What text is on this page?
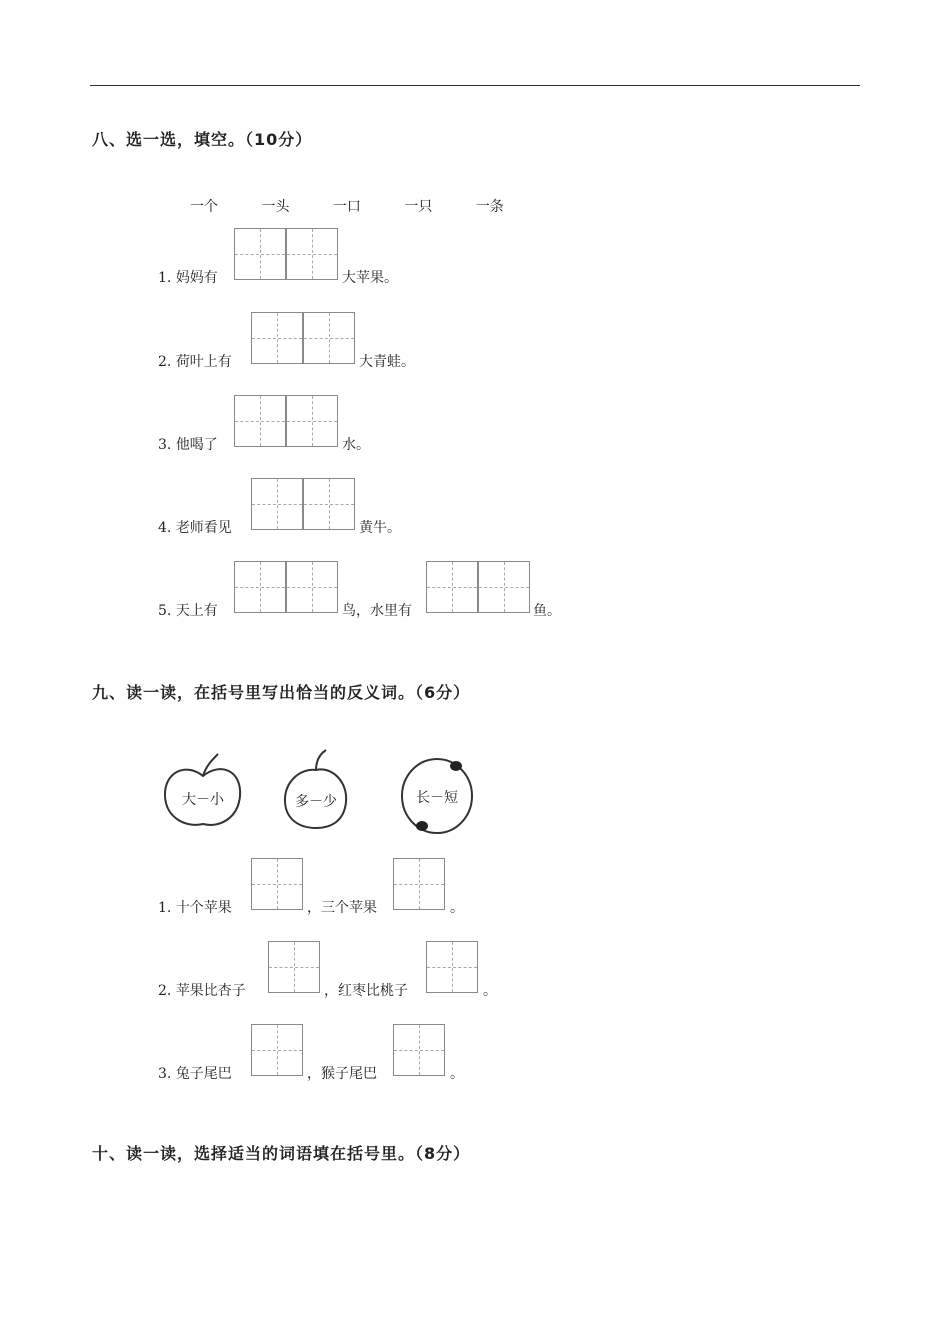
八、选一选，填空。（10分）
一个	一头	一口	一只	一条
1. 妈妈有	大苹果。
2. 荷叶上有	大青蛙。
3. 他喝了	水。
4. 老师看见	黄牛。
5. 天上有	鸟，水里有	鱼。
九、读一读，在括号里写出恰当的反义词。（6分）
大－小	多－少	长－短
1. 十个苹果	，三个苹果	。
2. 苹果比杏子	，红枣比桃子	。
3. 兔子尾巴	，猴子尾巴	。
十、读一读，选择适当的词语填在括号里。（8分）
